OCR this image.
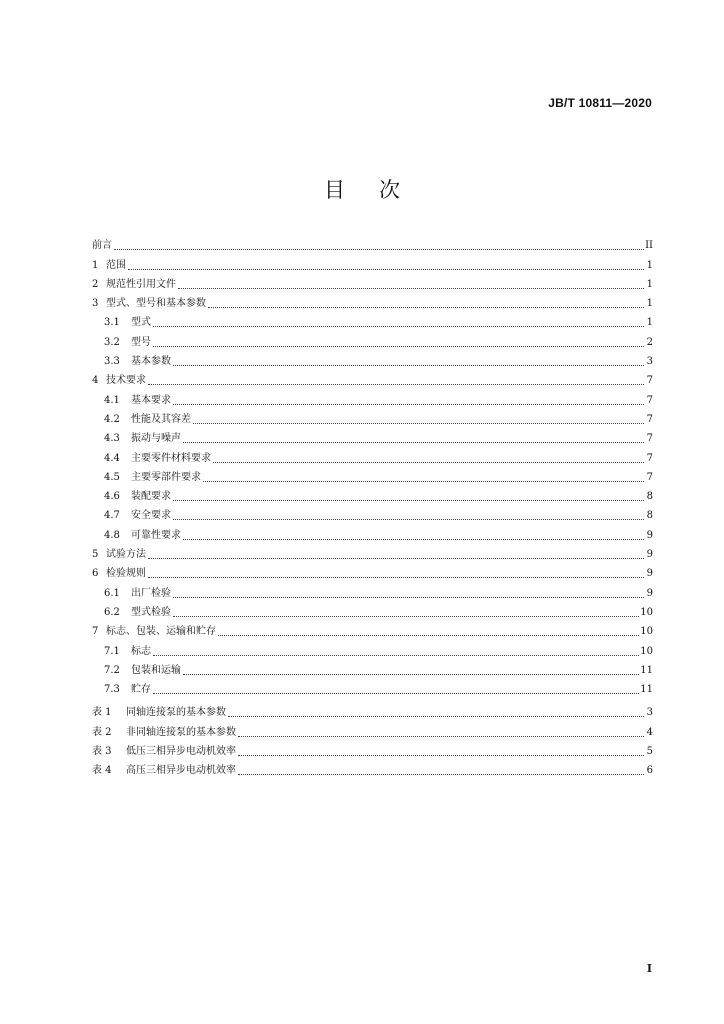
JB/T 10811—2020
目 次
前言	II
1 范围	1
2 规范性引用文件	1
3 型式、型号和基本参数	1
3.1	型式	1
3.2	型号	2
3.3	基本参数	3
4 技术要求	7
4.1	基本要求	7
4.2	性能及其容差	7
4.3	振动与噪声	7
4.4	主要零件材料要求	7
4.5	主要零部件要求	7
4.6	装配要求	8
4.7	安全要求	8
4.8	可靠性要求	9
5 试验方法	9
6 检验规则	9
6.1	出厂检验	9
6.2	型式检验	10
7 标志、包装、运输和贮存	10
7.1	标志	10
7.2	包装和运输	11
7.3	贮存	11
表 1	同轴连接泵的基本参数	3
表 2	非同轴连接泵的基本参数	4
表 3	低压三相异步电动机效率	5
表 4	高压三相异步电动机效率	6
I
